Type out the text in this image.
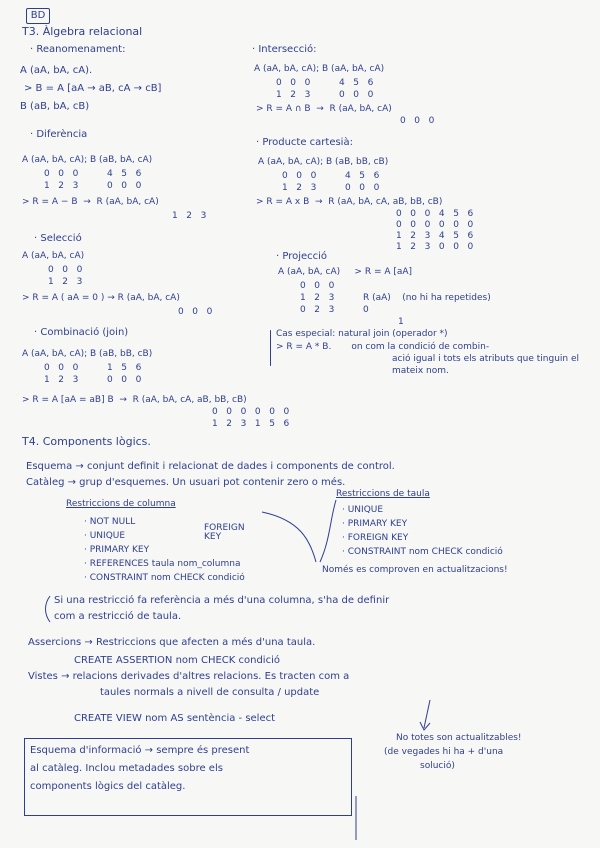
BD
T3. Àlgebra relacional
· Reanomenament:
A (aA, bA, cA).
> B = A [aA → aB, cA → cB]
B (aB, bA, cB)
· Diferència
A (aA, bA, cA); B (aB, bA, cA)
0   0   0          4   5   6
1   2   3          0   0   0
> R = A − B  →  R (aA, bA, cA)
1   2   3
· Selecció
A (aA, bA, cA)
0   0   0
1   2   3
> R = A ( aA = 0 ) → R (aA, bA, cA)
0   0   0
· Combinació (join)
A (aA, bA, cA); B (aB, bB, cB)
0   0   0          1   5   6
1   2   3          0   0   0
> R = A [aA = aB] B  →  R (aA, bA, cA, aB, bB, cB)
0   0   0   0   0   0
1   2   3   1   5   6
· Intersecció:
A (aA, bA, cA); B (aA, bA, cA)
0   0   0          4   5   6
1   2   3          0   0   0
> R = A ∩ B  →  R (aA, bA, cA)
0   0   0
· Producte cartesià:
A (aA, bA, cA); B (aB, bB, cB)
0   0   0          4   5   6
1   2   3          0   0   0
> R = A x B  →  R (aA, bA, cA, aB, bB, cB)
0   0   0   4   5   6
0   0   0   0   0   0
1   2   3   4   5   6
1   2   3   0   0   0
· Projecció
A (aA, bA, cA)     > R = A [aA]
0   0   0
1   2   3          R (aA)    (no hi ha repetides)
0   2   3          0
1
Cas especial: natural join (operador *)
> R = A * B.       on com la condició de combin-
ació igual i tots els atributs que tinguin el
mateix nom.
T4. Components lògics.
Esquema → conjunt definit i relacionat de dades i components de control.
Catàleg → grup d'esquemes. Un usuari pot contenir zero o més.
Restriccions de columna
· NOT NULL
· UNIQUE
· PRIMARY KEY
· REFERENCES taula nom_columna
· CONSTRAINT nom CHECK condició
FOREIGN
KEY
Restriccions de taula
· UNIQUE
· PRIMARY KEY
· FOREIGN KEY
· CONSTRAINT nom CHECK condició
Només es comproven en actualitzacions!
Si una restricció fa referència a més d'una columna, s'ha de definir
com a restricció de taula.
Assercions → Restriccions que afecten a més d'una taula.
CREATE ASSERTION nom CHECK condició
Vistes → relacions derivades d'altres relacions. Es tracten com a
taules normals a nivell de consulta / update
CREATE VIEW nom AS sentència - select
No totes son actualitzables!
(de vegades hi ha + d'una
solució)
Esquema d'informació → sempre és present
al catàleg. Inclou metadades sobre els
components lògics del catàleg.
